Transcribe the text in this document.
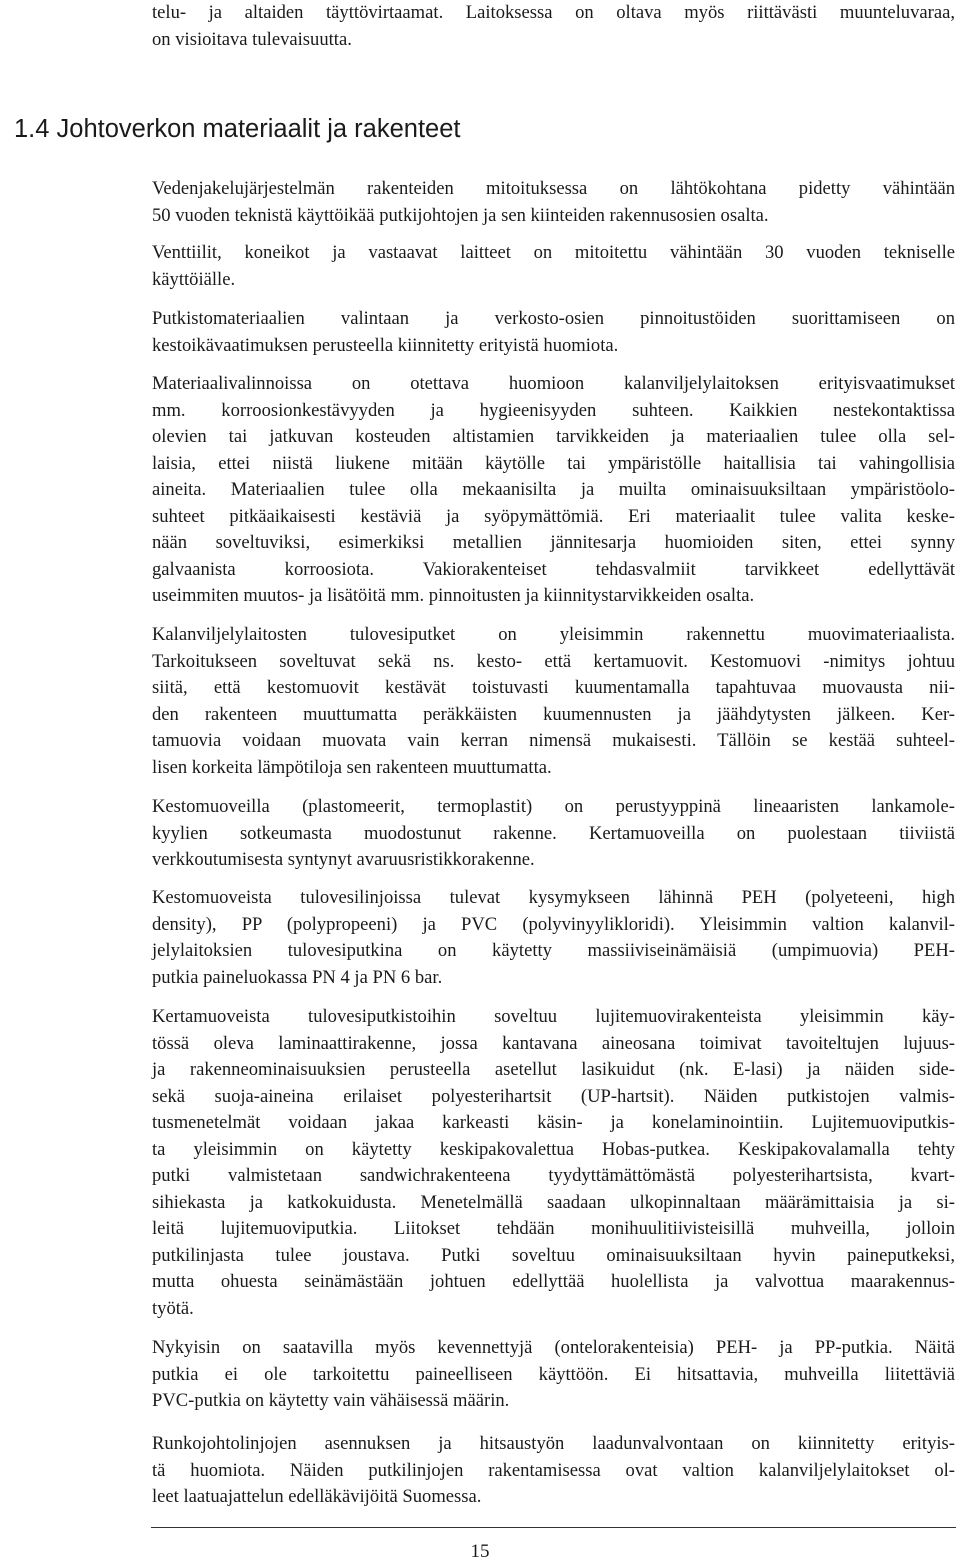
telu- ja altaiden täyttövirtaamat. Laitoksessa on oltava myös riittävästi muunteluvaraa,
on visioitava tulevaisuutta.
1.4 Johtoverkon materiaalit ja rakenteet
Vedenjakelujärjestelmän rakenteiden mitoituksessa on lähtökohtana pidetty vähintään
50 vuoden teknistä käyttöikää putkijohtojen ja sen kiinteiden rakennusosien osalta.
Venttiilit, koneikot ja vastaavat laitteet on mitoitettu vähintään 30 vuoden tekniselle
käyttöiälle.
Putkistomateriaalien valintaan ja verkosto-osien pinnoitustöiden suorittamiseen on
kestoikävaatimuksen perusteella kiinnitetty erityistä huomiota.
Materiaalivalinnoissa on otettava huomioon kalanviljelylaitoksen erityisvaatimukset
mm. korroosionkestävyyden ja hygieenisyyden suhteen. Kaikkien nestekontaktissa
olevien tai jatkuvan kosteuden altistamien tarvikkeiden ja materiaalien tulee olla sel-
laisia, ettei niistä liukene mitään käytölle tai ympäristölle haitallisia tai vahingollisia
aineita. Materiaalien tulee olla mekaanisilta ja muilta ominaisuuksiltaan ympäristöolo-
suhteet pitkäaikaisesti kestäviä ja syöpymättömiä. Eri materiaalit tulee valita keske-
nään soveltuviksi, esimerkiksi metallien jännitesarja huomioiden siten, ettei synny
galvaanista korroosiota. Vakiorakenteiset tehdasvalmiit tarvikkeet edellyttävät
useimmiten muutos- ja lisätöitä mm. pinnoitusten ja kiinnitystarvikkeiden osalta.
Kalanviljelylaitosten tulovesiputket on yleisimmin rakennettu muovimateriaalista.
Tarkoitukseen soveltuvat sekä ns. kesto- että kertamuovit. Kestomuovi -nimitys johtuu
siitä, että kestomuovit kestävät toistuvasti kuumentamalla tapahtuvaa muovausta nii-
den rakenteen muuttumatta peräkkäisten kuumennusten ja jäähdytysten jälkeen. Ker-
tamuovia voidaan muovata vain kerran nimensä mukaisesti. Tällöin se kestää suhteel-
lisen korkeita lämpötiloja sen rakenteen muuttumatta.
Kestomuoveilla (plastomeerit, termoplastit) on perustyyppinä lineaaristen lankamole-
kyylien sotkeumasta muodostunut rakenne. Kertamuoveilla on puolestaan tiiviistä
verkkoutumisesta syntynyt avaruusristikkorakenne.
Kestomuoveista tulovesilinjoissa tulevat kysymykseen lähinnä PEH (polyeteeni, high
density), PP (polypropeeni) ja PVC (polyvinyylikloridi). Yleisimmin valtion kalanvil-
jelylaitoksien tulovesiputkina on käytetty massiiviseinämäisiä (umpimuovia) PEH-
putkia paineluokassa PN 4 ja PN 6 bar.
Kertamuoveista tulovesiputkistoihin soveltuu lujitemuovirakenteista yleisimmin käy-
tössä oleva laminaattirakenne, jossa kantavana aineosana toimivat tavoiteltujen lujuus-
ja rakenneominaisuuksien perusteella asetellut lasikuidut (nk. E-lasi) ja näiden side-
sekä suoja-aineina erilaiset polyesterihartsit (UP-hartsit). Näiden putkistojen valmis-
tusmenetelmät voidaan jakaa karkeasti käsin- ja konelaminointiin. Lujitemuoviputkis-
ta yleisimmin on käytetty keskipakovalettua Hobas-putkea. Keskipakovalamalla tehty
putki valmistetaan sandwichrakenteena tyydyttämättömästä polyesterihartsista, kvart-
sihiekasta ja katkokuidusta. Menetelmällä saadaan ulkopinnaltaan määrämittaisia ja si-
leitä lujitemuoviputkia. Liitokset tehdään monihuulitiivisteisillä muhveilla, jolloin
putkilinjasta tulee joustava. Putki soveltuu ominaisuuksiltaan hyvin paineputkeksi,
mutta ohuesta seinämästään johtuen edellyttää huolellista ja valvottua maarakennus-
työtä.
Nykyisin on saatavilla myös kevennettyjä (ontelorakenteisia) PEH- ja PP-putkia. Näitä
putkia ei ole tarkoitettu paineelliseen käyttöön. Ei hitsattavia, muhveilla liitettäviä
PVC-putkia on käytetty vain vähäisessä määrin.
Runkojohtolinjojen asennuksen ja hitsaustyön laadunvalvontaan on kiinnitetty erityis-
tä huomiota. Näiden putkilinjojen rakentamisessa ovat valtion kalanviljelylaitokset ol-
leet laatuajattelun edelläkävijöitä Suomessa.
15
